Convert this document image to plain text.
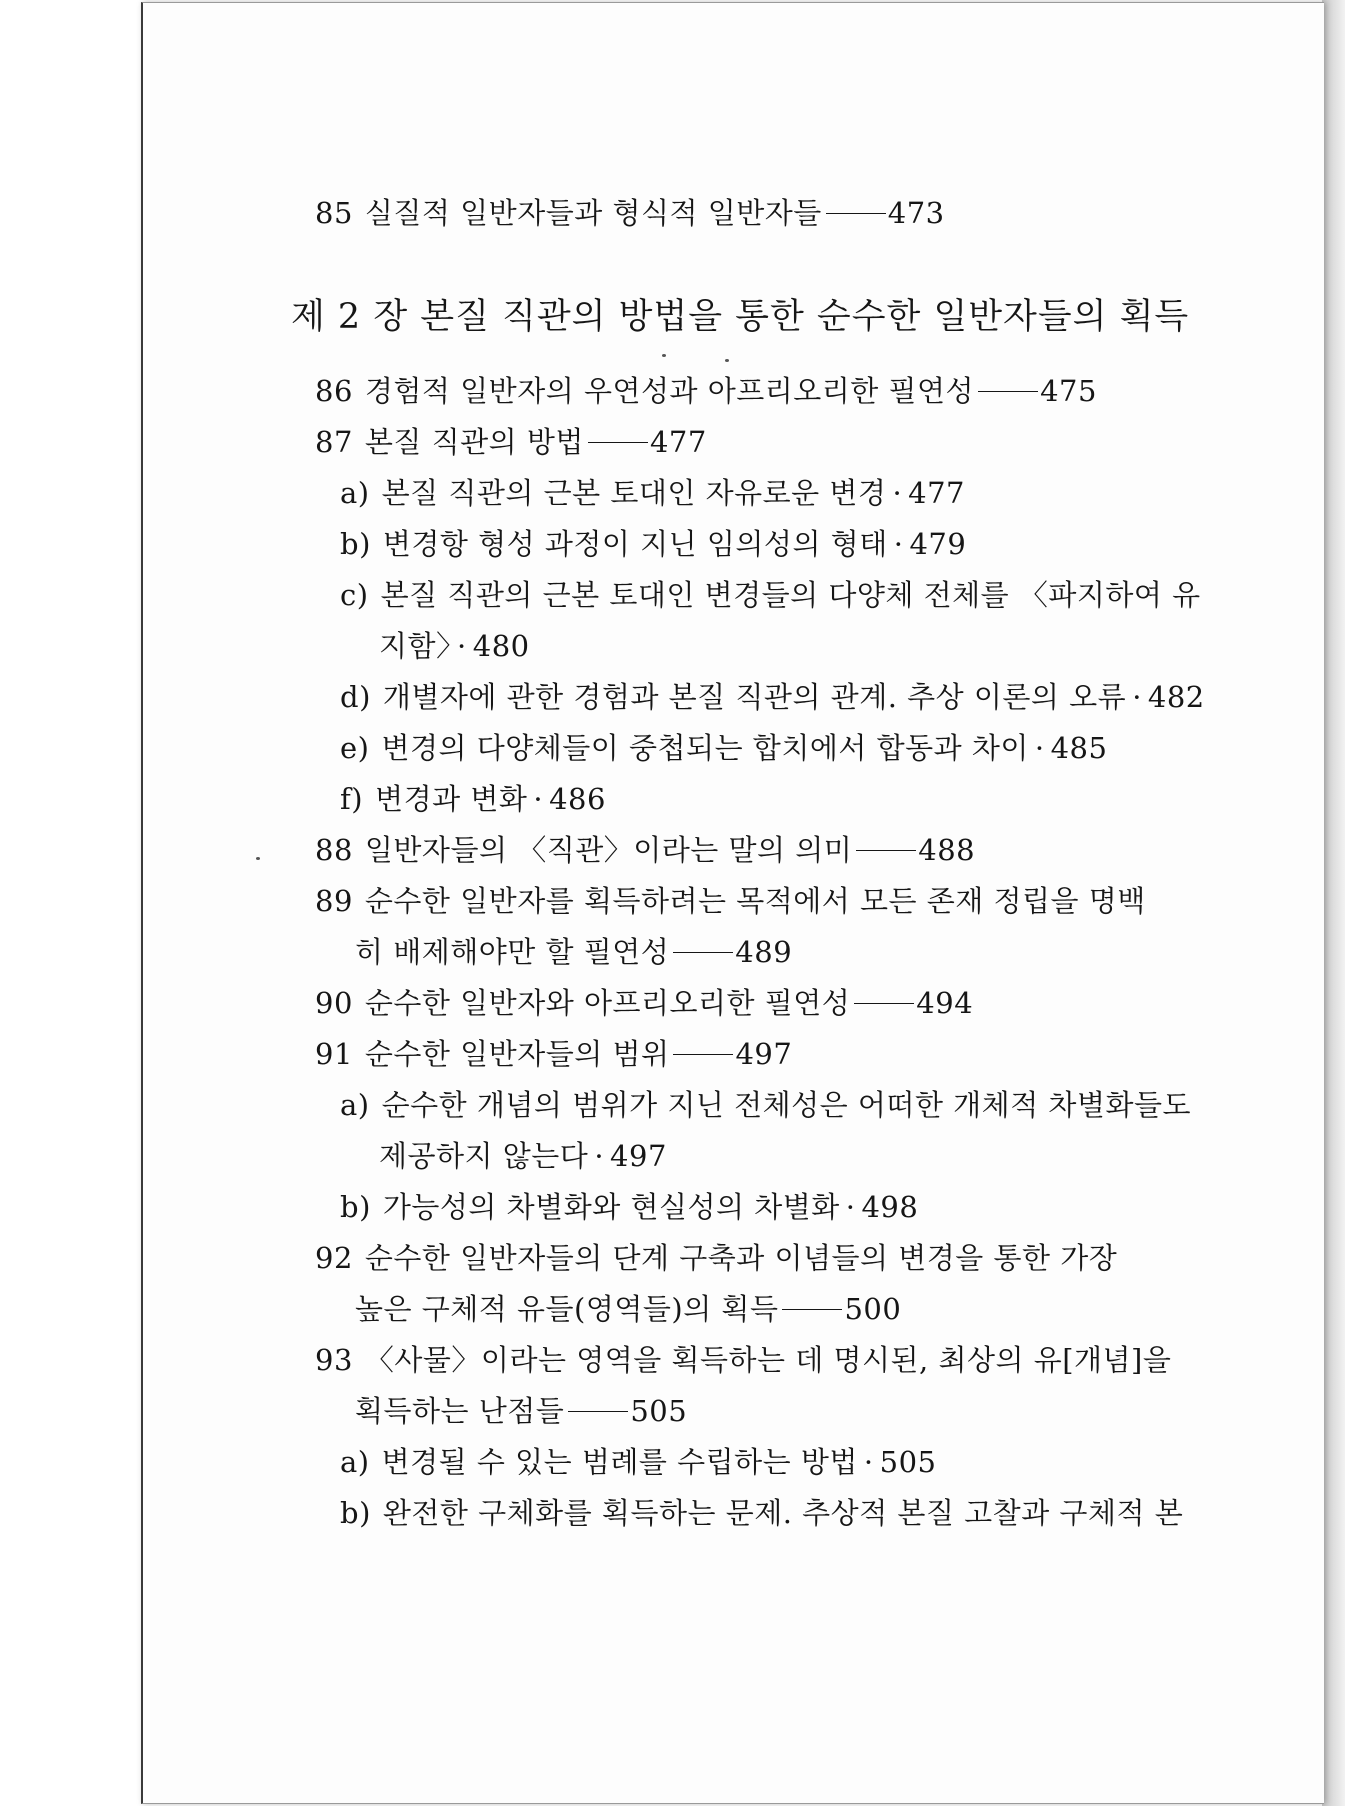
85 실질적 일반자들과 형식적 일반자들 473
제 2 장 본질 직관의 방법을 통한 순수한 일반자들의 획득
86 경험적 일반자의 우연성과 아프리오리한 필연성 475
87 본질 직관의 방법 477
a) 본질 직관의 근본 토대인 자유로운 변경 · 477
b) 변경항 형성 과정이 지닌 임의성의 형태 · 479
c) 본질 직관의 근본 토대인 변경들의 다양체 전체를 〈파지하여 유
지함〉 · 480
d) 개별자에 관한 경험과 본질 직관의 관계. 추상 이론의 오류 · 482
e) 변경의 다양체들이 중첩되는 합치에서 합동과 차이 · 485
f) 변경과 변화 · 486
88 일반자들의 〈직관〉이라는 말의 의미 488
89 순수한 일반자를 획득하려는 목적에서 모든 존재 정립을 명백
히 배제해야만 할 필연성 489
90 순수한 일반자와 아프리오리한 필연성 494
91 순수한 일반자들의 범위 497
a) 순수한 개념의 범위가 지닌 전체성은 어떠한 개체적 차별화들도
제공하지 않는다 · 497
b) 가능성의 차별화와 현실성의 차별화 · 498
92 순수한 일반자들의 단계 구축과 이념들의 변경을 통한 가장
높은 구체적 유들(영역들)의 획득 500
93 〈사물〉이라는 영역을 획득하는 데 명시된, 최상의 유[개념]을
획득하는 난점들 505
a) 변경될 수 있는 범례를 수립하는 방법 · 505
b) 완전한 구체화를 획득하는 문제. 추상적 본질 고찰과 구체적 본
